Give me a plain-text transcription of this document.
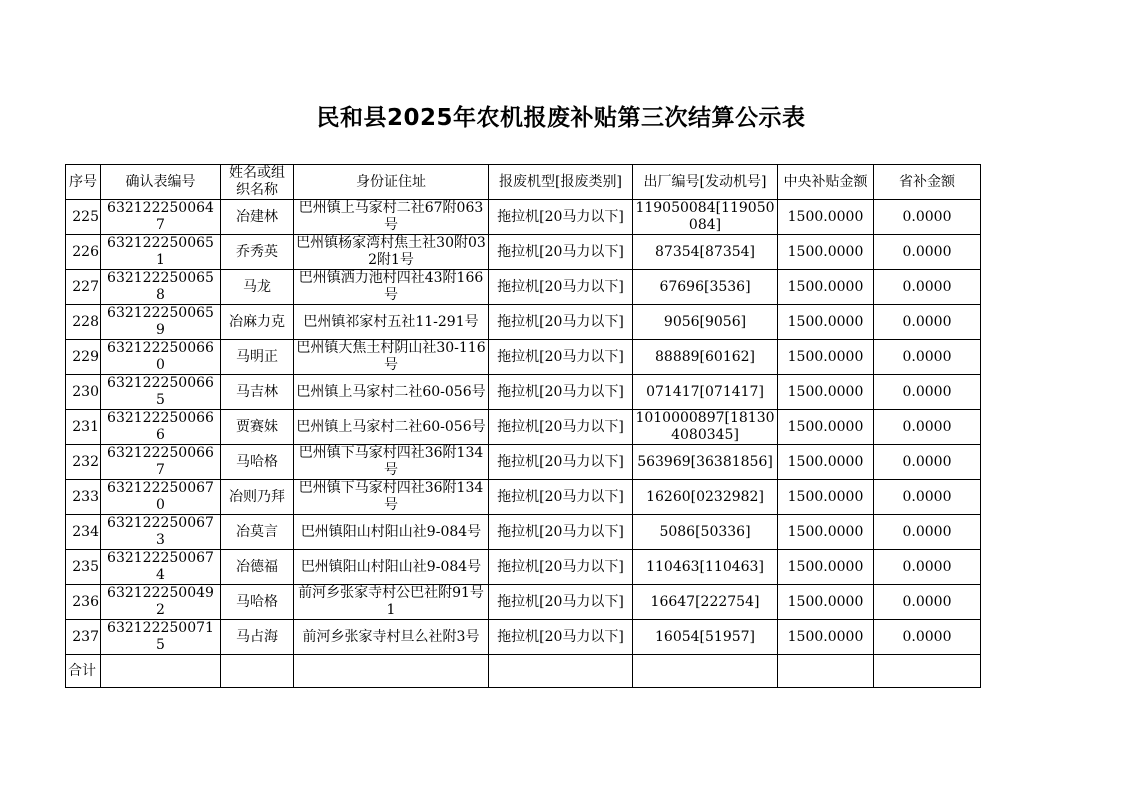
民和县2025年农机报废补贴第三次结算公示表
序号	确认表编号	姓名或组织名称	身份证住址	报废机型[报废类别]	出厂编号[发动机号]	中央补贴金额	省补金额

225	6321222500647	冶建林	巴州镇上马家村二社67附063号	拖拉机[20马力以下]	119050084[119050084]	1500.0000	0.0000

226	6321222500651	乔秀英	巴州镇杨家湾村焦土社30附032附1号	拖拉机[20马力以下]	87354[87354]	1500.0000	0.0000

227	6321222500658	马龙	巴州镇洒力池村四社43附166号	拖拉机[20马力以下]	67696[3536]	1500.0000	0.0000

228	6321222500659	冶麻力克	巴州镇祁家村五社11-291号	拖拉机[20马力以下]	9056[9056]	1500.0000	0.0000

229	6321222500660	马明正	巴州镇大焦土村阴山社30-116号	拖拉机[20马力以下]	88889[60162]	1500.0000	0.0000

230	6321222500665	马吉林	巴州镇上马家村二社60-056号	拖拉机[20马力以下]	071417[071417]	1500.0000	0.0000

231	6321222500666	贾赛妹	巴州镇上马家村二社60-056号	拖拉机[20马力以下]	1010000897[181304080345]	1500.0000	0.0000

232	6321222500667	马哈格	巴州镇下马家村四社36附134号	拖拉机[20马力以下]	563969[36381856]	1500.0000	0.0000

233	6321222500670	冶则乃拜	巴州镇下马家村四社36附134号	拖拉机[20马力以下]	16260[0232982]	1500.0000	0.0000

234	6321222500673	冶莫言	巴州镇阳山村阳山社9-084号	拖拉机[20马力以下]	5086[50336]	1500.0000	0.0000

235	6321222500674	冶德福	巴州镇阳山村阳山社9-084号	拖拉机[20马力以下]	110463[110463]	1500.0000	0.0000

236	6321222500492	马哈格	前河乡张家寺村公巴社附91号1	拖拉机[20马力以下]	16647[222754]	1500.0000	0.0000

237	6321222500715	马占海	前河乡张家寺村旦么社附3号	拖拉机[20马力以下]	16054[51957]	1500.0000	0.0000

合计							
